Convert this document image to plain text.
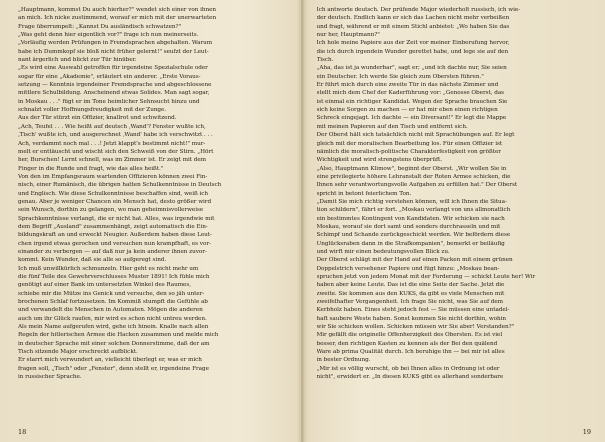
„Hauptmann, kommst Du auch hierher?" wendet sich einer von ihnen
an mich. Ich nicke zustimmend, worauf er mich mit der unerwarteten
Frage überrumpelt: „Kannst Du ausländisch schwatzen?"
„Was geht denn hier eigentlich vor?" frage ich nun meinerseits.
„Vorläufig werden Prüfungen in Fremdsprachen abgehalten. Warum
habe ich Dummkopf sie bloß nicht früher gelernt!" seufzt der Leut-
nant ärgerlich und blickt zur Tür hinüber.
„Es wird eine Auswahl getroffen für irgendeine Spezialschule oder
sogar für eine „Akademie", erläutert ein anderer. „Erste Voraus-
setzung — Kenntnis irgendeiner Fremdsprache und abgeschlossene
mittlere Schulbildung. Anscheinend etwas Solides. Man sagt sogar,
in Moskau . . ." fügt er im Tone heimlicher Sehnsucht hinzu und
schnalzt voller Hoffnungsfreudigkeit mit der Zunge.
Aus der Tür stürzt ein Offizier, knallrot und schwitzend.
„Ach, Teufel . . . Wie heißt auf deutsch ‚Wand'? Fenster wußte ich,
‚Tisch' wußte ich, und ausgerechnet ‚Wand' habe ich verschwitzt . . .
Ach, verdammt noch mal . . .! Jetzt klappt's bestimmt nicht!" mur-
melt er enttäuscht und wischt sich den Schweiß von der Stirn. „Hört
her, Burschen! Lernt schnell, was im Zimmer ist. Er zeigt mit dem
Finger in die Runde und fragt, wie das alles heißt."
Von den im Empfangsraum wartenden Offizieren können zwei Fin-
nisch, einer Rumänisch, die übrigen hatten Schulkenntnisse in Deutsch
und Englisch. Wie diese Schulkenntnisse beschaffen sind, weiß ich
genau. Aber je weniger Chancen ein Mensch hat, desto größer wird
sein Wunsch, dorthin zu gelangen, wo man geheimnisvollerweise
Sprachkenntnisse verlangt, die er nicht hat. Alles, was irgendwie mit
dem Begriff „Ausland" zusammenhängt, zeigt automatisch die Ein-
bildungskraft an und erweckt Neugier. Außerdem haben diese Leut-
chen irgend etwas gerochen und versuchen nun krampfhaft, es vor-
einander zu verbergen — auf daß nur ja kein anderer ihnen zuvor-
kommt. Kein Wunder, daß sie alle so aufgeregt sind.
Ich muß unwillkürlich schmunzeln. Hier geht es nicht mehr um
die fünf Teile des Gewehrverschlusses Muster 1891! Ich fühle mich
genötigt auf einer Bank im untersetzten Winkel des Raumes,
schiebe mir die Mütze ins Genick und versuche, den so jäh unter-
brochenen Schlaf fortzusetzen. Im Kommiß stumpft die Gefühle ab
und verwandelt die Menschen in Automaten. Mögen die anderen
auch um ihr Glück raufen, mir wird es schon nicht untreu werden.
Als mein Name aufgerufen wird, gehe ich hinein. Knalle nach allen
Regeln der hitlerischen Armee die Hacken zusammen und melde mich
in deutscher Sprache mit einer solchen Donnerstimme, daß der am
Tisch sitzende Major erschreckt aufblickt.
Er starrt mich verwundert an, vielleicht überlegt er, was er mich
fragen soll, „Tisch" oder „Fenster", denn stellt er, irgendeine Frage
in russischer Sprache.
18
Ich antworte deutsch. Der prüfende Major wiederholt russisch, ich wie-
der deutsch. Endlich kann er sich das Lachen nicht mehr verbeißen
und fragt, während er mit einem Stichl anbietet: „Wo haben Sie das
nur her, Hauptmann?"
Ich hole meine Papiere aus der Zeit vor meiner Einberufung hervor,
die ich durch irgendein Wunder gerettet habe, und lege sie auf den
Tisch.
„Aha, das ist ja wunderbar", sagt er; „und ich dachte nur, Sie seien
ein Deutscher. Ich werde Sie gleich zum Obersten führen."
Er führt mich durch eine zweite Tür in das nächste Zimmer und
stellt mich dem Chef der Kaderführung vor: „Genosse Oberst, das
ist einmal ein richtiger Kandidat. Wegen der Sprache brauchen Sie
sich keine Sorgen zu machen — er hat mir eben einen richtigen
Schreck eingejagt. Ich dachte — ein Diversant!" Er legt die Mappe
mit meinen Papieren auf den Tisch und entfernt sich.
Der Oberst hält sich tatsächlich nicht mit Sprachübungen auf. Er legt
gleich mit der moralischen Bearbeitung los. Für einen Offizier ist
nämlich die moralisch-politische Charakterfestigkeit von größter
Wichtigkeit und wird strengstens überprüft.
„Also, Hauptmann Klimow", beginnt der Oberst. „Wir wollen Sie in
eine privilegierte höhere Lehranstalt der Roten Armee schicken, die
Ihnen sehr verantwortungsvolle Aufgaben zu erfüllen hat." Der Oberst
spricht in betont feierlichem Ton.
„Damit Sie mich richtig verstehen können, will ich Ihnen die Situa-
tion schildern", fährt er fort. „Moskau verlangt von uns allmonatlich
ein bestimmtes Kontingent von Kandidaten. Wir schicken sie nach
Moskau, worauf sie dort samt und sonders durchrasseln und mit
Schimpf und Schande zurückgeschickt werden. Wir befördern diese
Unglücksraben dann in die Strafkompanien", bemerkt er beiläufig
und wirft mir einen bedeutungsvollen Blick zu.
Der Oberst schlägt mit der Hand auf einen Packen mit einem grünen
Doppelstrich versehener Papiere und fügt hinzu: „Moskau bean-
spruchen jetzt von jedem Monat mit der Forderung — schickt Leute her! Wir
haben aber keine Leute. Das ist die eine Seite der Sache. Jetzt die
zweite. Sie kommen aus den KUKS, da gibt es viele Menschen mit
zweifelhafter Vergangenheit. Ich frage Sie nicht, was Sie auf dem
Kerbholz haben. Eines steht jedoch fest — Sie müssen eine untadel-
haft saubere Weste haben. Sonst kommen Sie nicht dorthin, wohin
wir Sie schicken wollen. Schicken müssen wir Sie aber! Verstanden?"
Mir gefällt die originelle Offenherzigkeit des Obersten. Es ist viel
besser, den richtigen Kasten zu kennen als der Bei den quälend
Ware ab prima Qualität durch. Ich beruhige ihn — bei mir ist alles
in bester Ordnung.
„Mir ist es völlig wurscht, ob bei Ihnen alles in Ordnung ist oder
nicht", erwidert er. „In diesen KUKS gibt es allerhand sonderbare
19
